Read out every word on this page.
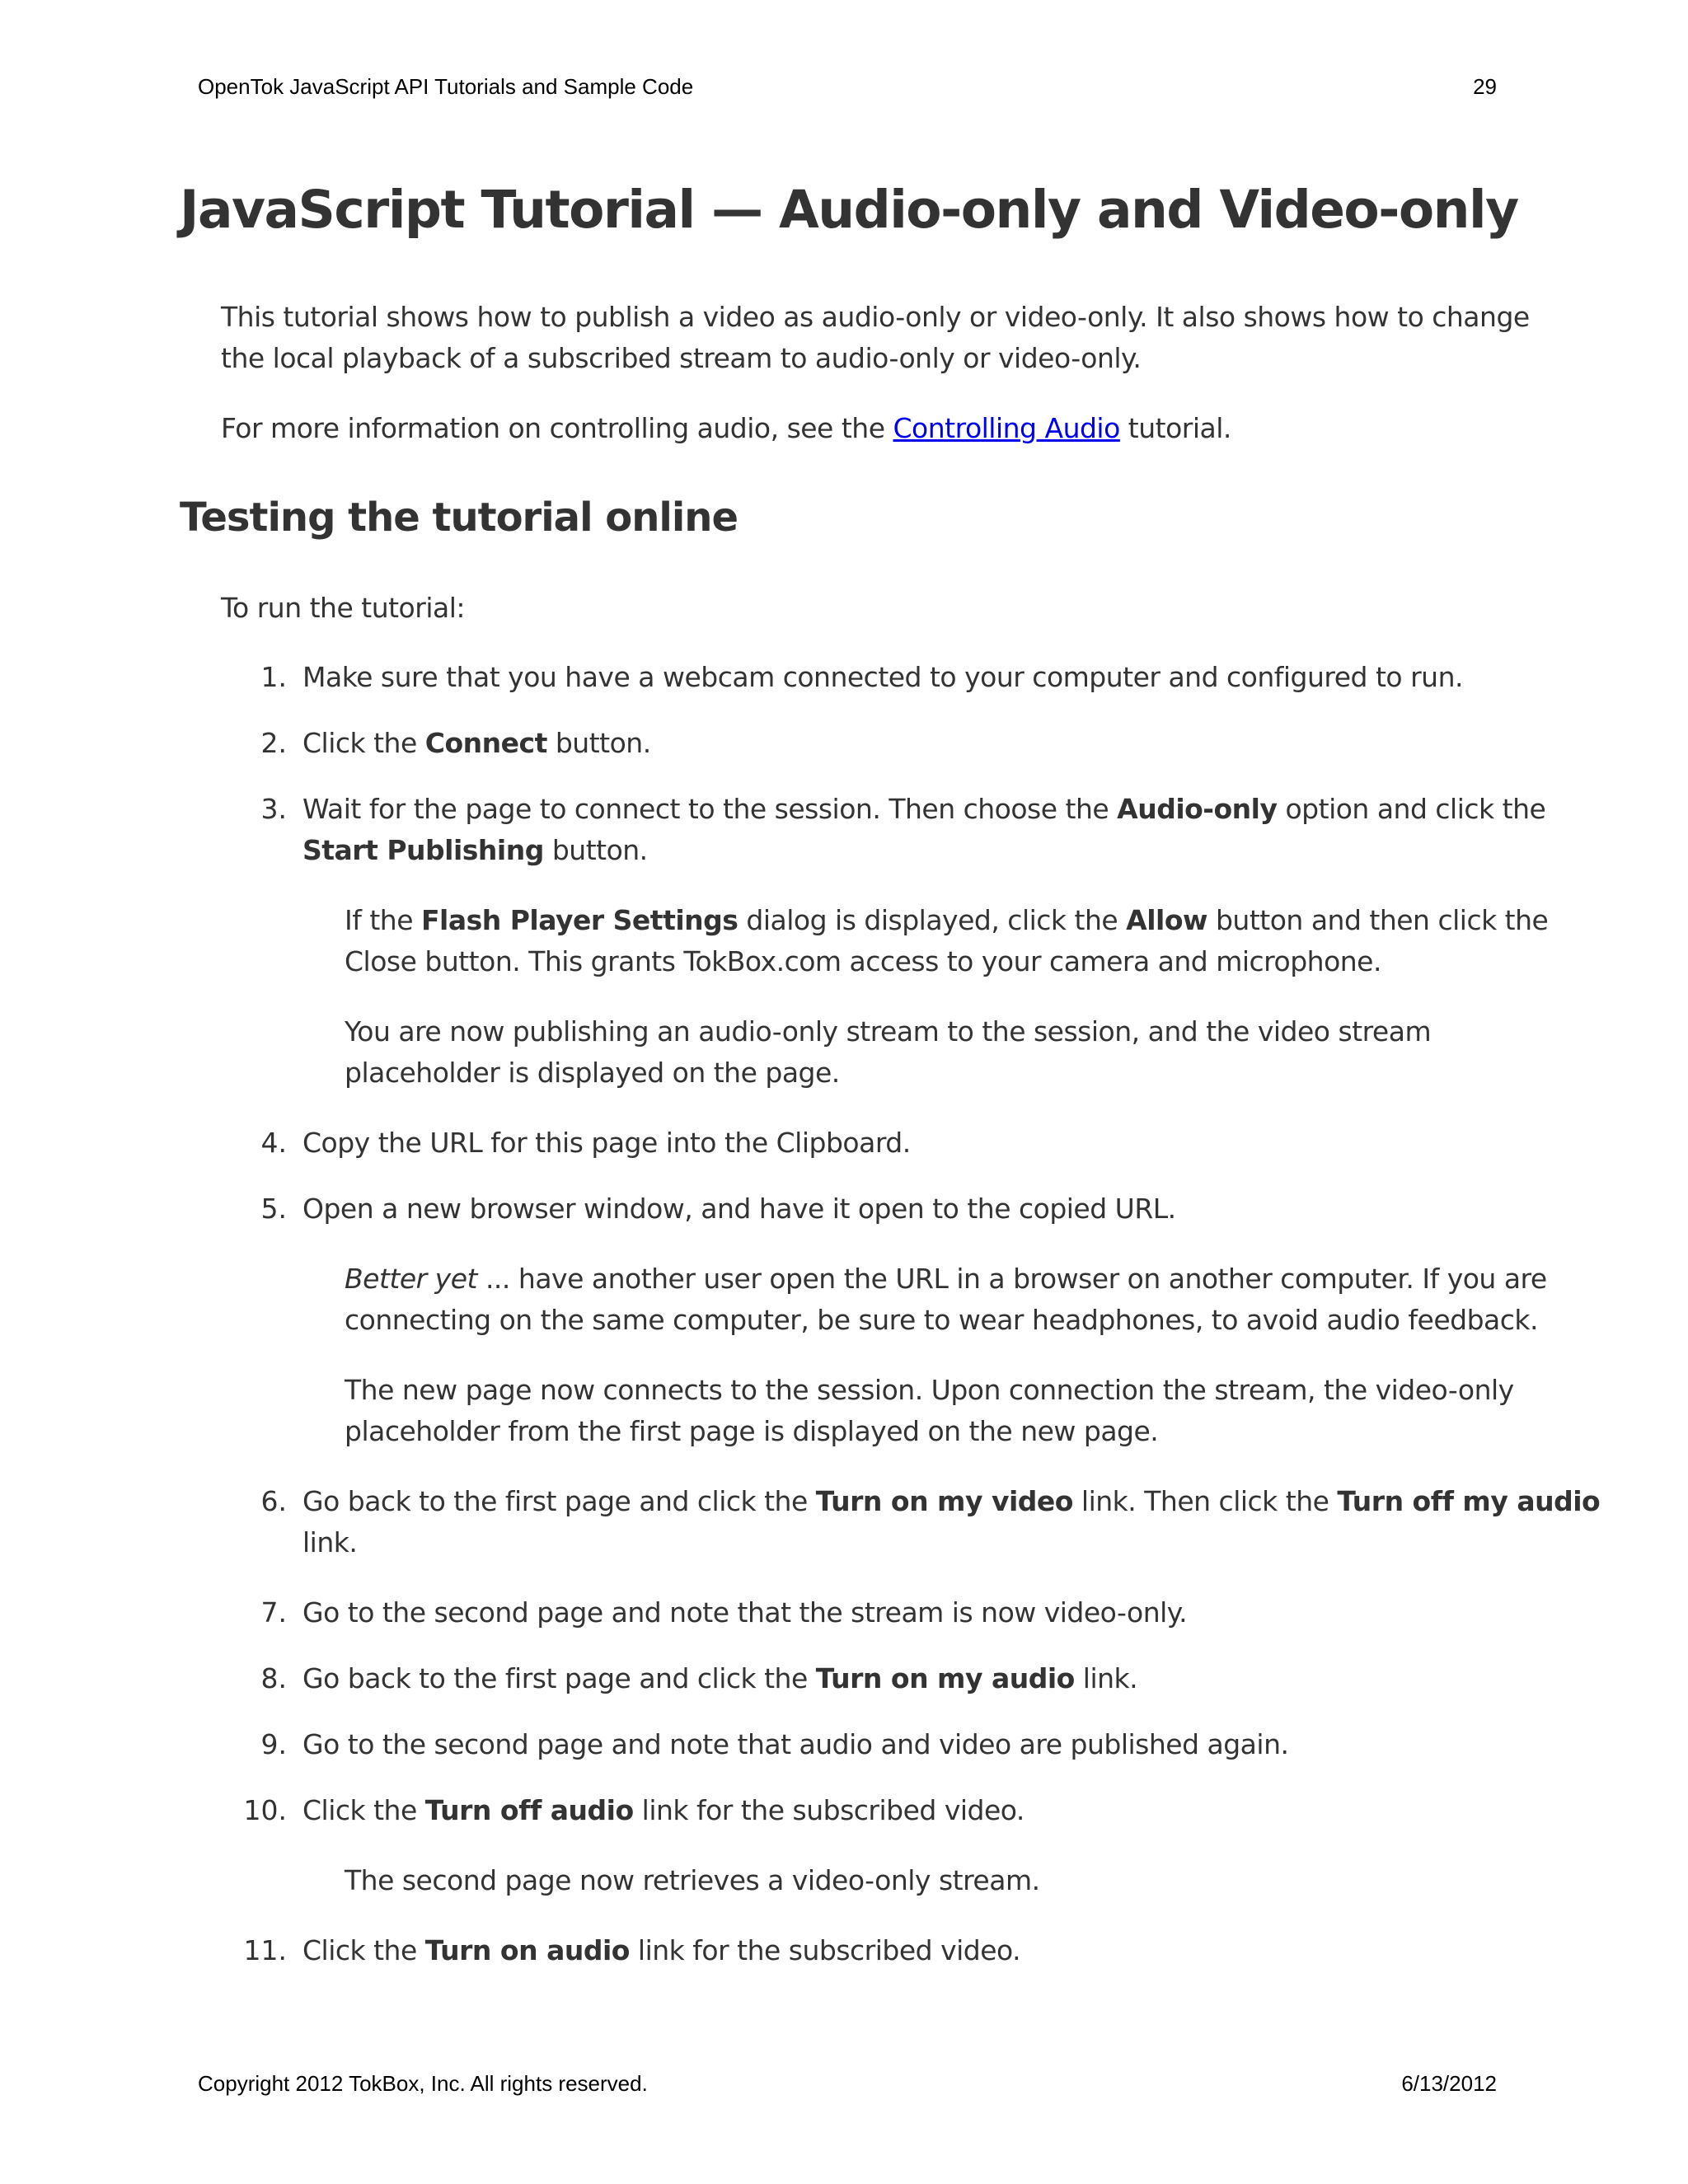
OpenTok JavaScript API Tutorials and Sample Code	29
JavaScript Tutorial — Audio-only and Video-only

This tutorial shows how to publish a video as audio-only or video-only. It also shows how to change

the local playback of a subscribed stream to audio-only or video-only.

For more information on controlling audio, see the Controlling Audio tutorial.

Testing the tutorial online

To run the tutorial:

1. Make sure that you have a webcam connected to your computer and configured to run.

2. Click the Connect button.

3. Wait for the page to connect to the session. Then choose the Audio-only option and click the

Start Publishing button.

If the Flash Player Settings dialog is displayed, click the Allow button and then click the

Close button. This grants TokBox.com access to your camera and microphone.

You are now publishing an audio-only stream to the session, and the video stream

placeholder is displayed on the page.

4. Copy the URL for this page into the Clipboard.

5. Open a new browser window, and have it open to the copied URL.

Better yet ... have another user open the URL in a browser on another computer. If you are

connecting on the same computer, be sure to wear headphones, to avoid audio feedback.

The new page now connects to the session. Upon connection the stream, the video-only

placeholder from the first page is displayed on the new page.

6. Go back to the first page and click the Turn on my video link. Then click the Turn off my audio

link.

7. Go to the second page and note that the stream is now video-only.

8. Go back to the first page and click the Turn on my audio link.

9. Go to the second page and note that audio and video are published again.

10. Click the Turn off audio link for the subscribed video.

The second page now retrieves a video-only stream.

11. Click the Turn on audio link for the subscribed video.

Copyright 2012 TokBox, Inc. All rights reserved.	6/13/2012
